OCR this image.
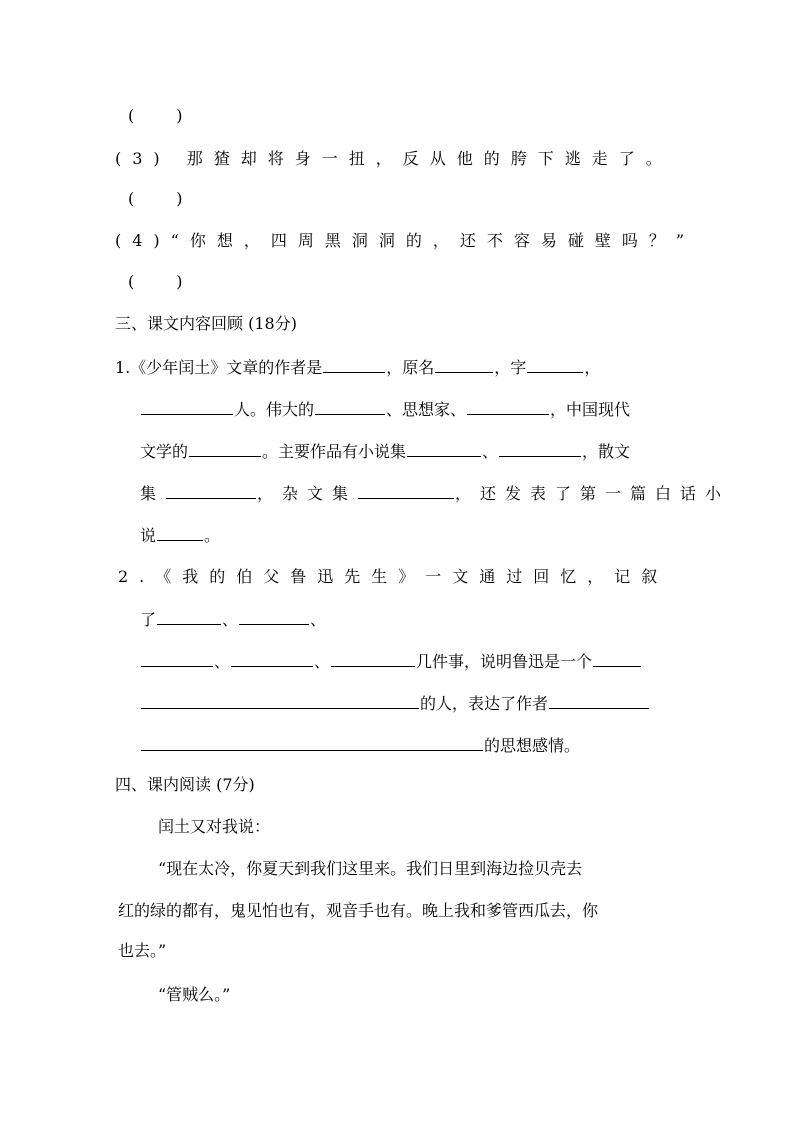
(	)
(3) 那猹却将身一扭，反从他的胯下逃走了。
(	)
(4)“你想，四周黑洞洞的，还不容易碰壁吗？”
(	)
三、课文内容回顾 (18分)
1.《少年闰土》文章的作者是	，原名	，字	，
人。伟大的	、思想家、	，中国现代
文学的	。主要作品有小说集	、	，散文
集	，杂文集	，还发表了第一篇白话小
说	。
2.《我的伯父鲁迅先生》一文通过回忆，记叙
了	、	、
、	、	几件事，说明鲁迅是一个
的人，表达了作者
的思想感情。
四、课内阅读 (7分)
闰土又对我说：
“现在太冷，你夏天到我们这里来。我们日里到海边捡贝壳去
红的绿的都有，鬼见怕也有，观音手也有。晚上我和爹管西瓜去，你
也去。”
“管贼么。”
